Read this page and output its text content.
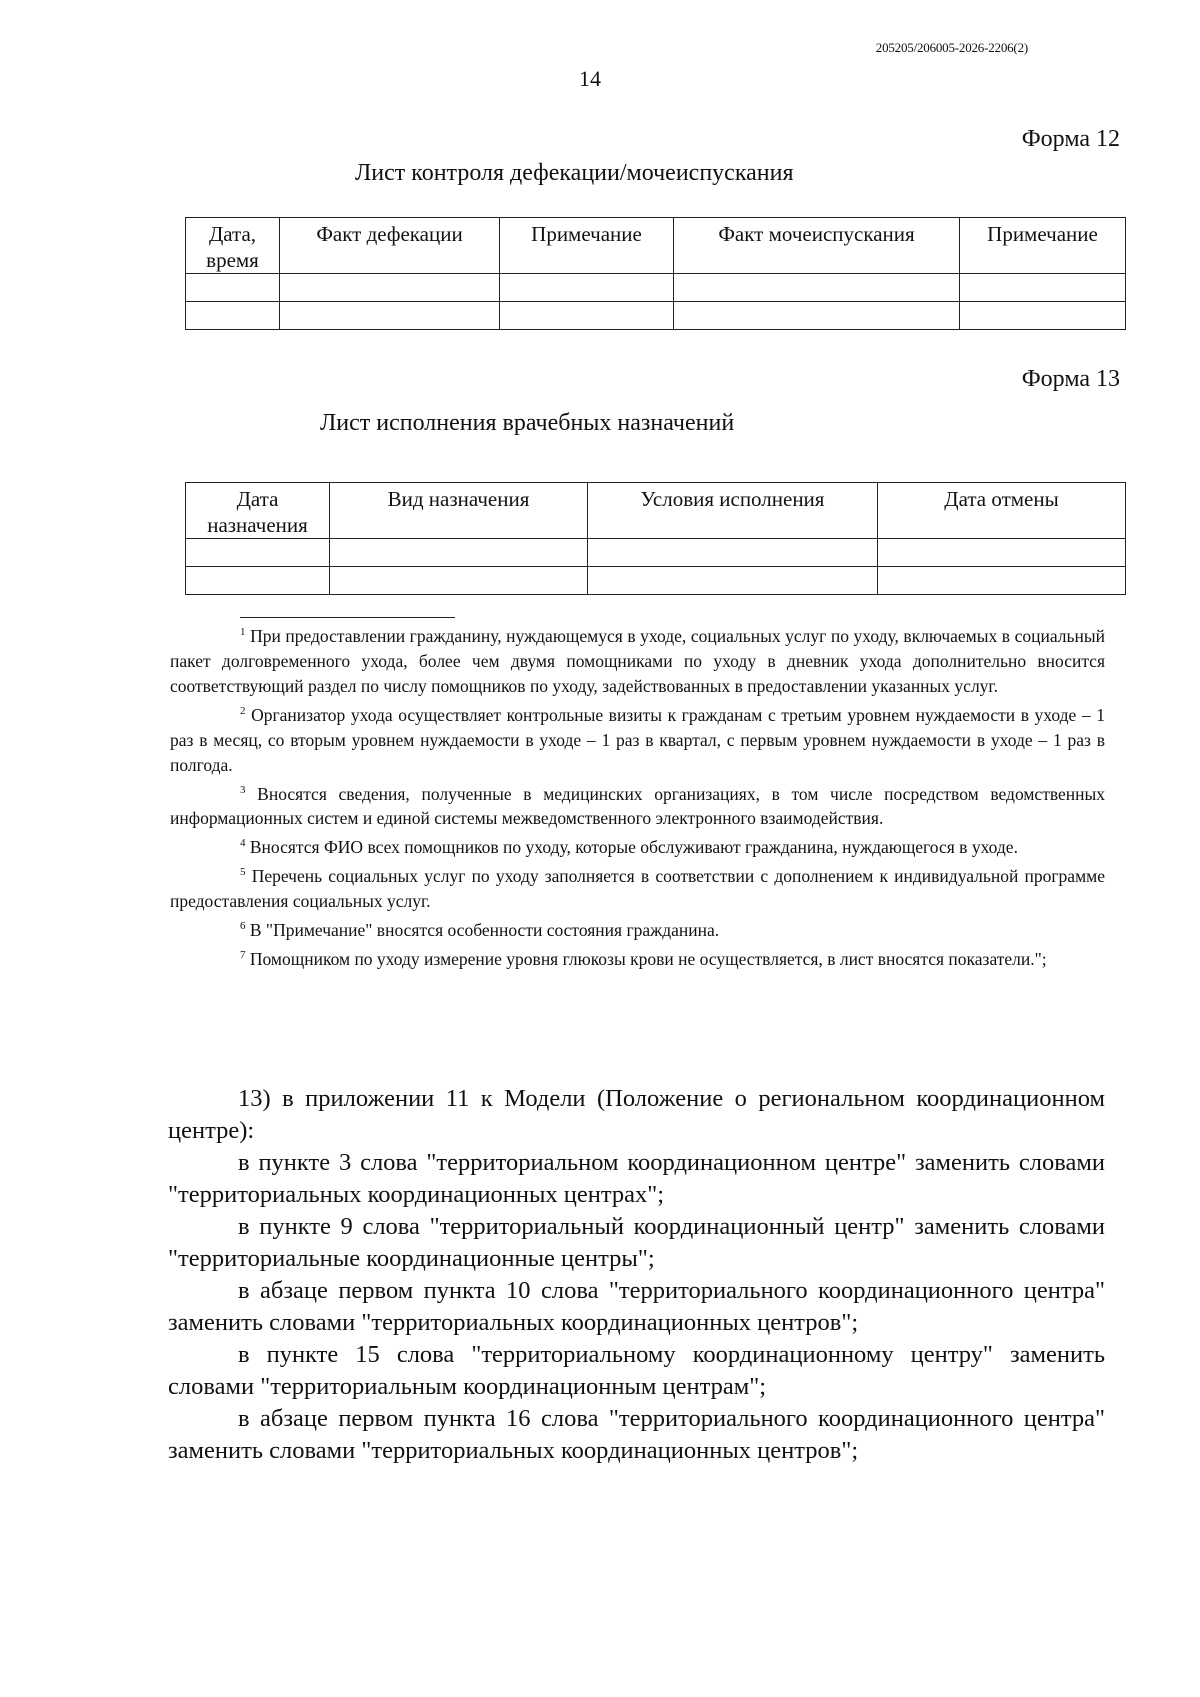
205205/206005-2026-2206(2)
14
Форма 12
Лист контроля дефекации/мочеиспускания
Дата, время	Факт дефекации	Примечание	Факт мочеиспускания	Примечание

Форма 13
Лист исполнения врачебных назначений
Дата назначения	Вид назначения	Условия исполнения	Дата отмены

$^1$ При предоставлении гражданину, нуждающемуся в уходе, социальных услуг по уходу, включаемых в социальный пакет долговременного ухода, более чем двумя помощниками по уходу в дневник ухода дополнительно вносится соответствующий раздел по числу помощников по уходу, задействованных в предоставлении указанных услуг.

$^2$ Организатор ухода осуществляет контрольные визиты к гражданам с третьим уровнем нуждаемости в уходе – 1 раз в месяц, со вторым уровнем нуждаемости в уходе – 1 раз в квартал, с первым уровнем нуждаемости в уходе – 1 раз в полгода.

$^3$ Вносятся сведения, полученные в медицинских организациях, в том числе посредством ведомственных информационных систем и единой системы межведомственного электронного взаимодействия.

$^4$ Вносятся ФИО всех помощников по уходу, которые обслуживают гражданина, нуждающегося в уходе.

$^5$ Перечень социальных услуг по уходу заполняется в соответствии с дополнением к индивидуальной программе предоставления социальных услуг.

$^6$ В "Примечание" вносятся особенности состояния гражданина.

$^7$ Помощником по уходу измерение уровня глюкозы крови не осуществляется, в лист вносятся показатели.";

13) в приложении 11 к Модели (Положение о региональном координационном центре):

в пункте 3 слова "территориальном координационном центре" заменить словами "территориальных координационных центрах";

в пункте 9 слова "территориальный координационный центр" заменить словами "территориальные координационные центры";

в абзаце первом пункта 10 слова "территориального координационного центра" заменить словами "территориальных координационных центров";

в пункте 15 слова "территориальному координационному центру" заменить словами "территориальным координационным центрам";

в абзаце первом пункта 16 слова "территориального координационного центра" заменить словами "территориальных координационных центров";
